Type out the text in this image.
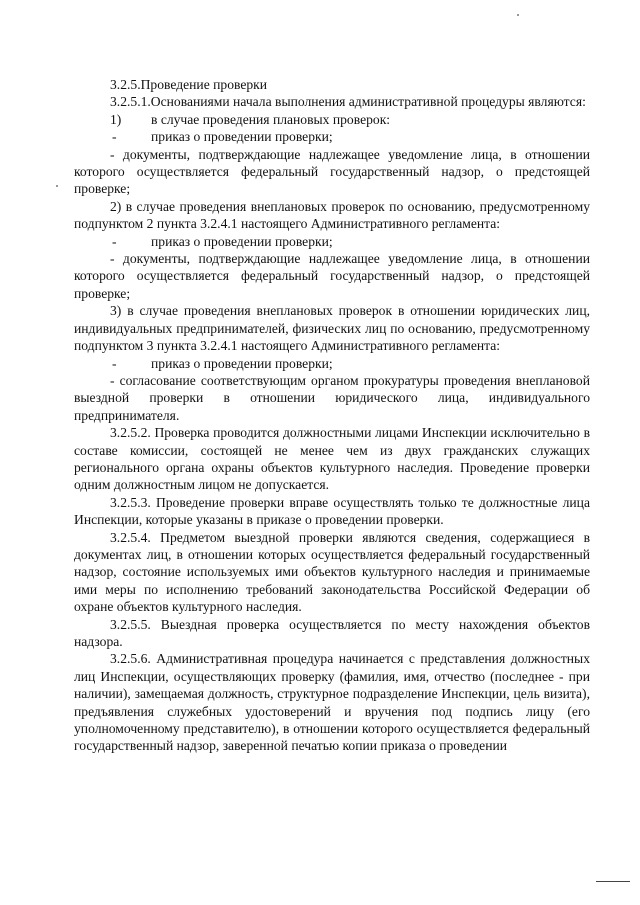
3.2.5.Проведение проверки

3.2.5.1.Основаниями начала выполнения административной процедуры являются:

1)	в случае проведения плановых проверок:
-	приказ о проведении проверки;

- документы, подтверждающие надлежащее уведомление лица, в отношении которого осуществляется федеральный государственный надзор, о предстоящей проверке;

2) в случае проведения внеплановых проверок по основанию, предусмотренному подпунктом 2 пункта 3.2.4.1 настоящего Административного регламента:

-	приказ о проведении проверки;

- документы, подтверждающие надлежащее уведомление лица, в отношении которого осуществляется федеральный государственный надзор, о предстоящей проверке;

3) в случае проведения внеплановых проверок в отношении юридических лиц, индивидуальных предпринимателей, физических лиц по основанию, предусмотренному подпунктом 3 пункта 3.2.4.1 настоящего Административного регламента:

-	приказ о проведении проверки;

- согласование соответствующим органом прокуратуры проведения внеплановой выездной проверки в отношении юридического лица, индивидуального предпринимателя.

3.2.5.2. Проверка проводится должностными лицами Инспекции исключительно в составе комиссии, состоящей не менее чем из двух гражданских служащих регионального органа охраны объектов культурного наследия. Проведение проверки одним должностным лицом не допускается.

3.2.5.3. Проведение проверки вправе осуществлять только те должностные лица Инспекции, которые указаны в приказе о проведении проверки.

3.2.5.4. Предметом выездной проверки являются сведения, содержащиеся в документах лиц, в отношении которых осуществляется федеральный государственный надзор, состояние используемых ими объектов культурного наследия и принимаемые ими меры по исполнению требований законодательства Российской Федерации об охране объектов культурного наследия.

3.2.5.5. Выездная проверка осуществляется по месту нахождения объектов надзора.

3.2.5.6. Административная процедура начинается с представления должностных лиц Инспекции, осуществляющих проверку (фамилия, имя, отчество (последнее - при наличии), замещаемая должность, структурное подразделение Инспекции, цель визита), предъявления служебных удостоверений и вручения под подпись лицу (его уполномоченному представителю), в отношении которого осуществляется федеральный государственный надзор, заверенной печатью копии приказа о проведении
